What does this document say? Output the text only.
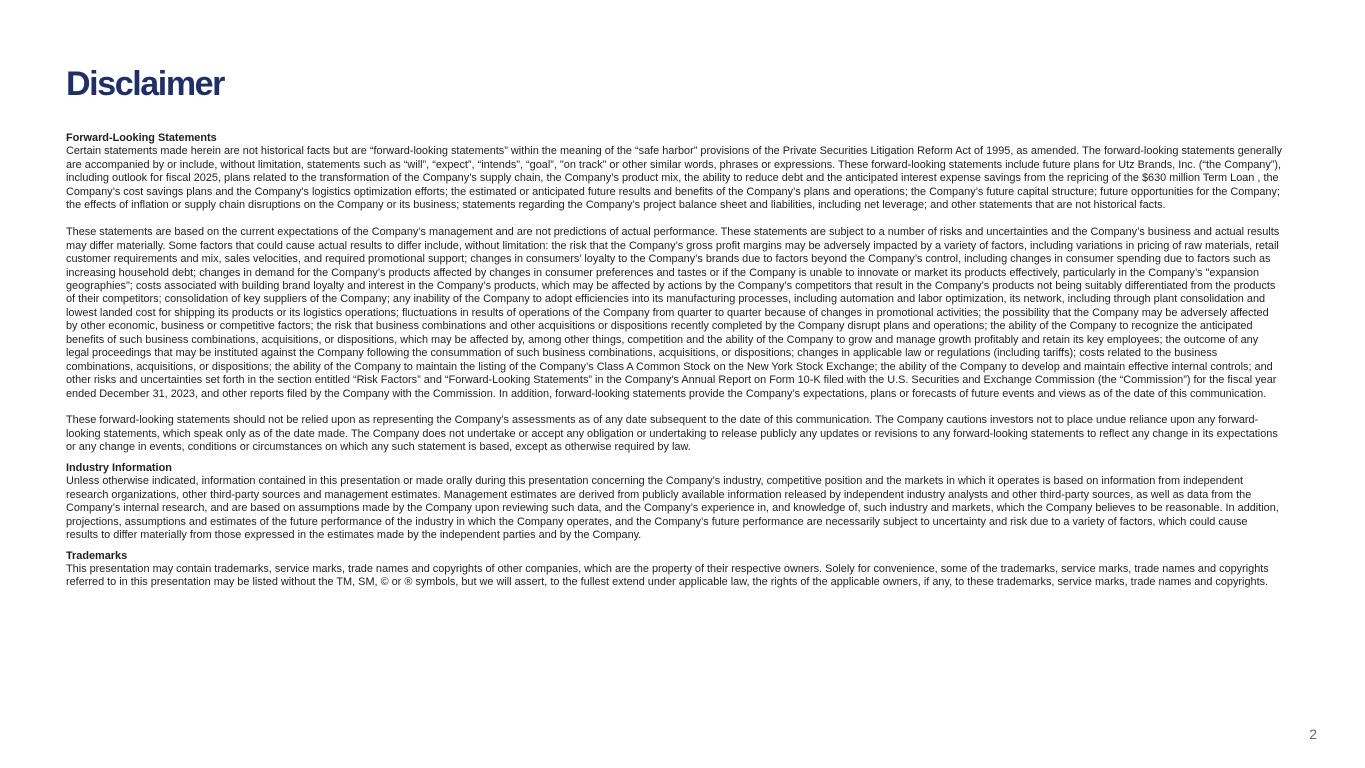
Disclaimer

Forward-Looking Statements

Certain statements made herein are not historical facts but are “forward-looking statements” within the meaning of the “safe harbor” provisions of the Private Securities Litigation Reform Act of 1995, as amended. The forward-looking statements generally are accompanied by or include, without limitation, statements such as “will”, “expect”, “intends”, “goal”, "on track" or other similar words, phrases or expressions. These forward-looking statements include future plans for Utz Brands, Inc. (“the Company”), including outlook for fiscal 2025, plans related to the transformation of the Company’s supply chain, the Company’s product mix, the ability to reduce debt and the anticipated interest expense savings from the repricing of the $630 million Term Loan , the Company’s cost savings plans and the Company’s logistics optimization efforts; the estimated or anticipated future results and benefits of the Company’s plans and operations; the Company’s future capital structure; future opportunities for the Company; the effects of inflation or supply chain disruptions on the Company or its business; statements regarding the Company’s project balance sheet and liabilities, including net leverage; and other statements that are not historical facts.

These statements are based on the current expectations of the Company’s management and are not predictions of actual performance. These statements are subject to a number of risks and uncertainties and the Company’s business and actual results may differ materially. Some factors that could cause actual results to differ include, without limitation: the risk that the Company’s gross profit margins may be adversely impacted by a variety of factors, including variations in pricing of raw materials, retail customer requirements and mix, sales velocities, and required promotional support; changes in consumers’ loyalty to the Company’s brands due to factors beyond the Company’s control, including changes in consumer spending due to factors such as increasing household debt; changes in demand for the Company’s products affected by changes in consumer preferences and tastes or if the Company is unable to innovate or market its products effectively, particularly in the Company’s "expansion geographies"; costs associated with building brand loyalty and interest in the Company’s products, which may be affected by actions by the Company’s competitors that result in the Company’s products not being suitably differentiated from the products of their competitors; consolidation of key suppliers of the Company; any inability of the Company to adopt efficiencies into its manufacturing processes, including automation and labor optimization, its network, including through plant consolidation and lowest landed cost for shipping its products or its logistics operations; fluctuations in results of operations of the Company from quarter to quarter because of changes in promotional activities; the possibility that the Company may be adversely affected by other economic, business or competitive factors; the risk that business combinations and other acquisitions or dispositions recently completed by the Company disrupt plans and operations; the ability of the Company to recognize the anticipated benefits of such business combinations, acquisitions, or dispositions, which may be affected by, among other things, competition and the ability of the Company to grow and manage growth profitably and retain its key employees; the outcome of any legal proceedings that may be instituted against the Company following the consummation of such business combinations, acquisitions, or dispositions; changes in applicable law or regulations (including tariffs); costs related to the business combinations, acquisitions, or dispositions; the ability of the Company to maintain the listing of the Company’s Class A Common Stock on the New York Stock Exchange; the ability of the Company to develop and maintain effective internal controls; and other risks and uncertainties set forth in the section entitled “Risk Factors” and “Forward-Looking Statements” in the Company’s Annual Report on Form 10-K filed with the U.S. Securities and Exchange Commission (the “Commission”) for the fiscal year ended December 31, 2023, and other reports filed by the Company with the Commission. In addition, forward-looking statements provide the Company’s expectations, plans or forecasts of future events and views as of the date of this communication.

These forward-looking statements should not be relied upon as representing the Company’s assessments as of any date subsequent to the date of this communication. The Company cautions investors not to place undue reliance upon any forward-looking statements, which speak only as of the date made. The Company does not undertake or accept any obligation or undertaking to release publicly any updates or revisions to any forward-looking statements to reflect any change in its expectations or any change in events, conditions or circumstances on which any such statement is based, except as otherwise required by law.

Industry Information

Unless otherwise indicated, information contained in this presentation or made orally during this presentation concerning the Company’s industry, competitive position and the markets in which it operates is based on information from independent research organizations, other third-party sources and management estimates. Management estimates are derived from publicly available information released by independent industry analysts and other third-party sources, as well as data from the Company’s internal research, and are based on assumptions made by the Company upon reviewing such data, and the Company’s experience in, and knowledge of, such industry and markets, which the Company believes to be reasonable. In addition, projections, assumptions and estimates of the future performance of the industry in which the Company operates, and the Company’s future performance are necessarily subject to uncertainty and risk due to a variety of factors, which could cause results to differ materially from those expressed in the estimates made by the independent parties and by the Company.

Trademarks

This presentation may contain trademarks, service marks, trade names and copyrights of other companies, which are the property of their respective owners. Solely for convenience, some of the trademarks, service marks, trade names and copyrights referred to in this presentation may be listed without the TM, SM, © or ® symbols, but we will assert, to the fullest extend under applicable law, the rights of the applicable owners, if any, to these trademarks, service marks, trade names and copyrights.

2
